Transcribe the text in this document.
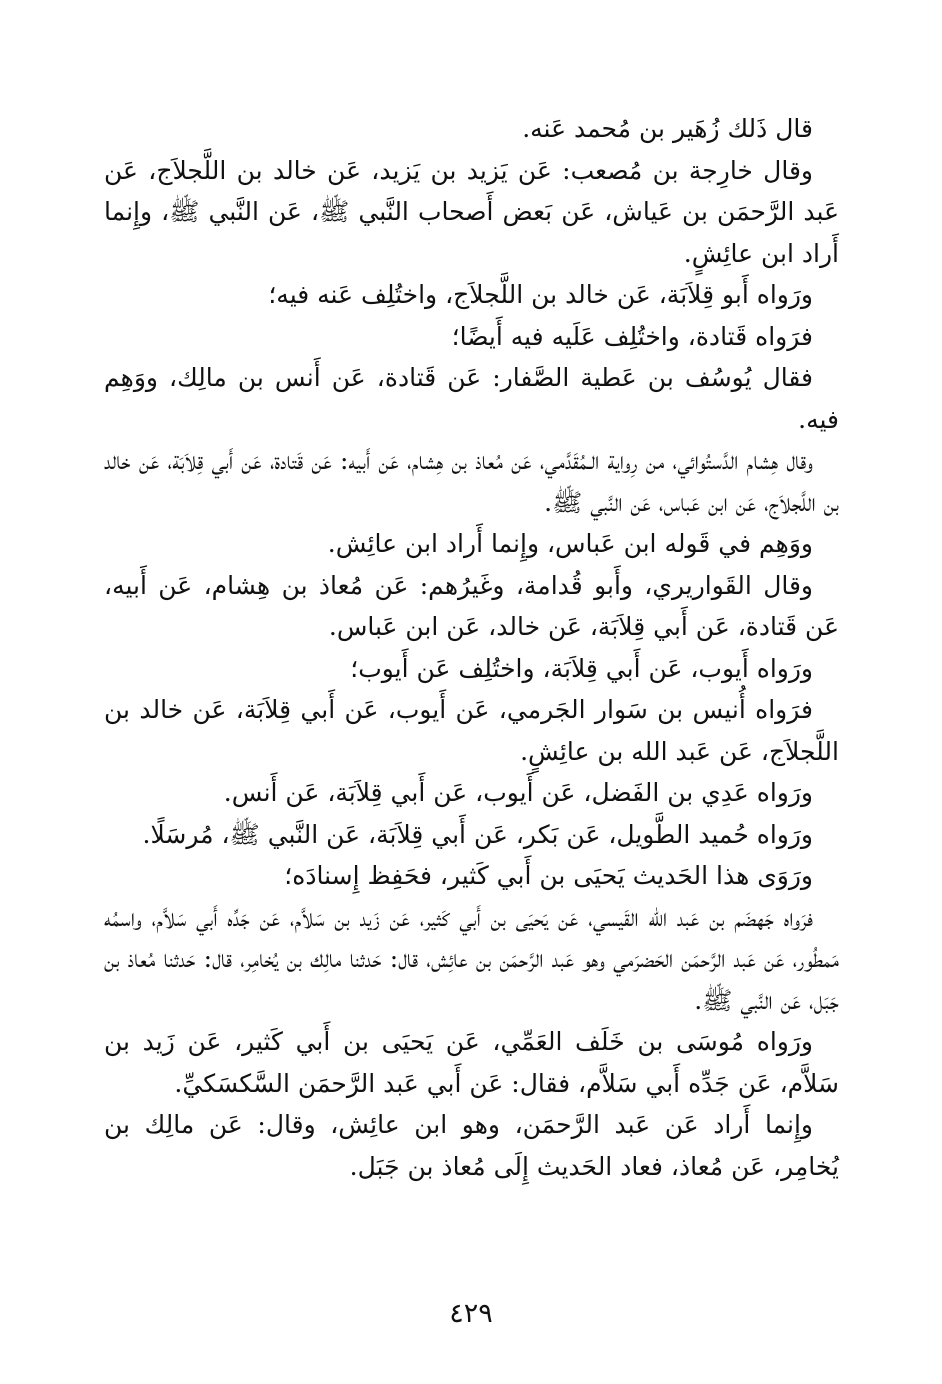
قال ذَلك زُهَير بن مُحمد عَنه.

وقال خارِجة بن مُصعب: عَن يَزيد بن يَزيد، عَن خالد بن اللَّجلاَج، عَن عَبد الرَّحمَن بن عَياش، عَن بَعض أَصحاب النَّبي ﷺ، عَن النَّبي ﷺ، وإِنما أَراد ابن عائِشٍ.

ورَواه أَبو قِلاَبَة، عَن خالد بن اللَّجلاَج، واختُلِف عَنه فيه؛

فرَواه قَتادة، واختُلِف عَلَيه فيه أَيضًا؛

فقال يُوسُف بن عَطية الصَّفار: عَن قَتادة، عَن أَنس بن مالِك، ووَهِم فيه.

وقال هِشام الدَّستُوائي، من رِواية الـمُقَدَّمي، عَن مُعاذ بن هِشام، عَن أَبيه: عَن قَتادة، عَن أَبي قِلاَبَة، عَن خالد بن اللَّجلاَج، عَن ابن عَباس، عَن النَّبي ﷺ.

ووَهِم في قَوله ابن عَباس، وإِنما أَراد ابن عائِش.

وقال القَواريري، وأَبو قُدامة، وغَيرُهم: عَن مُعاذ بن هِشام، عَن أَبيه، عَن قَتادة، عَن أَبي قِلاَبَة، عَن خالد، عَن ابن عَباس.

ورَواه أَيوب، عَن أَبي قِلاَبَة، واختُلِف عَن أَيوب؛

فرَواه أُنيس بن سَوار الجَرمي، عَن أَيوب، عَن أَبي قِلاَبَة، عَن خالد بن اللَّجلاَج، عَن عَبد الله بن عائِشٍ.

ورَواه عَدِي بن الفَضل، عَن أَيوب، عَن أَبي قِلاَبَة، عَن أَنس.

ورَواه حُميد الطَّويل، عَن بَكر، عَن أَبي قِلاَبَة، عَن النَّبي ﷺ، مُرسَلًا.

ورَوَى هذا الحَديث يَحيَى بن أَبي كَثير، فحَفِظ إِسنادَه؛

فرَواه جَهضَم بن عَبد الله القَيسي، عَن يَحيَى بن أَبي كَثير، عَن زَيد بن سَلاَّم، عَن جَدِّه أَبي سَلاَّم، واسمُه مَمطُور، عَن عَبد الرَّحمَن الحَضرَمي وهو عَبد الرَّحمَن بن عائِش، قال: حَدثنا مالِك بن يُخامِر، قال: حَدثنا مُعاذ بن جَبَل، عَن النَّبي ﷺ.

ورَواه مُوسَى بن خَلَف العَمِّي، عَن يَحيَى بن أَبي كَثير، عَن زَيد بن سَلاَّم، عَن جَدِّه أَبي سَلاَّم، فقال: عَن أَبي عَبد الرَّحمَن السَّكسَكيِّ.

وإِنما أَراد عَن عَبد الرَّحمَن، وهو ابن عائِش، وقال: عَن مالِك بن يُخامِر، عَن مُعاذ، فعاد الحَديث إِلَى مُعاذ بن جَبَل.

٤٢٩
